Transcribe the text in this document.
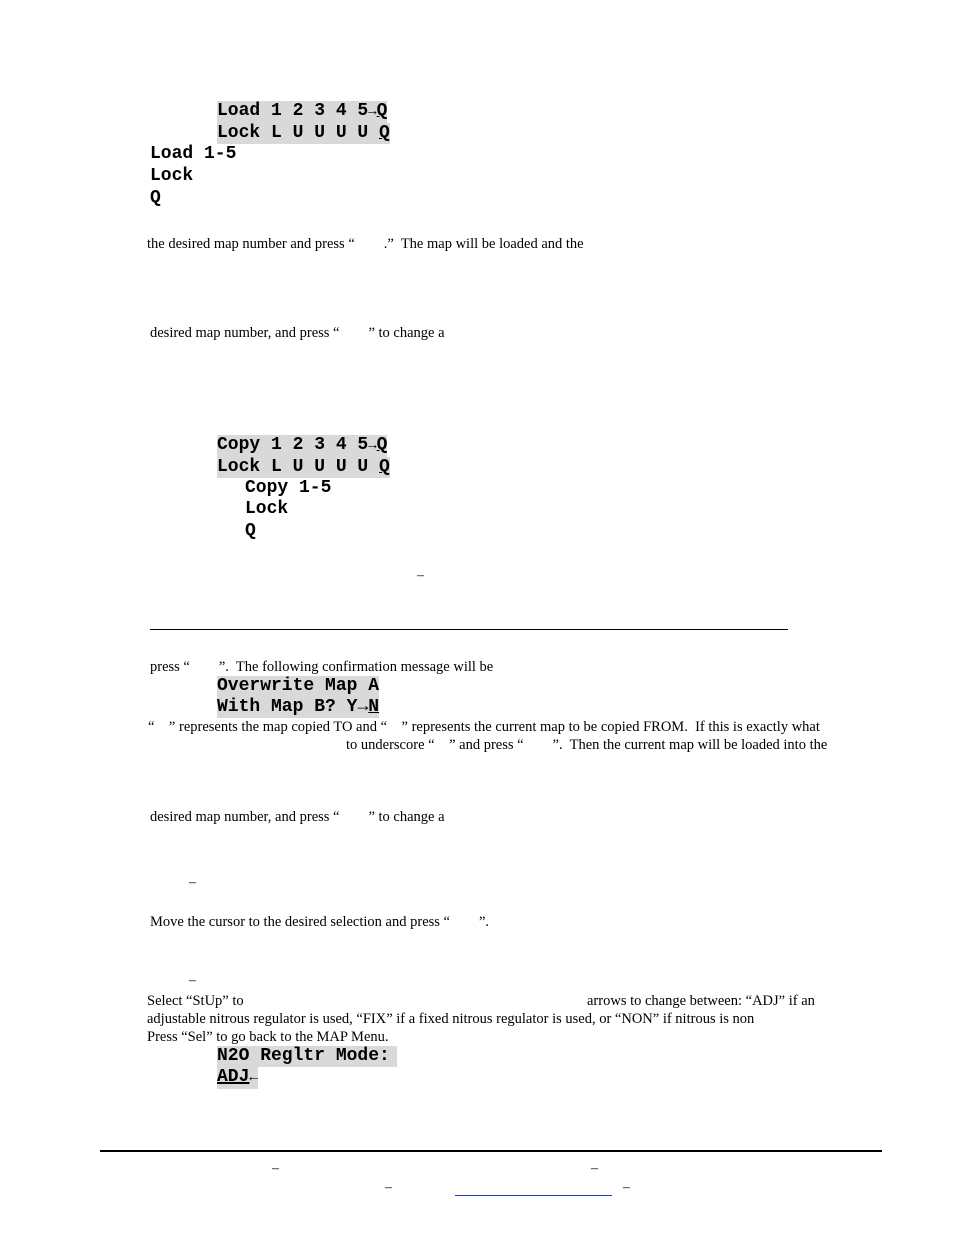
Load 1 2 3 4 5→Q
Lock L U U U U Q
Load 1-5
Lock
Q
the desired map number and press “        .”  The map will be loaded and the
desired map number, and press “        ” to change a
Copy 1 2 3 4 5→Q
Lock L U U U U Q
Copy 1-5
Lock
Q
–
press “        ”.  The following confirmation message will be
Overwrite Map A
With Map B? Y→N
“    ” represents the map copied TO and “    ” represents the current map to be copied FROM.  If this is exactly what
to underscore “    ” and press “        ”.  Then the current map will be loaded into the
desired map number, and press “        ” to change a
–
Move the cursor to the desired selection and press “        ”.
–
Select “StUp” to	arrows to change between: “ADJ” if an
adjustable nitrous regulator is used, “FIX” if a fixed nitrous regulator is used, or “NON” if nitrous is non
Press “Sel” to go back to the MAP Menu.
N2O Regltr Mode:
ADJ←
–	–
–	–
